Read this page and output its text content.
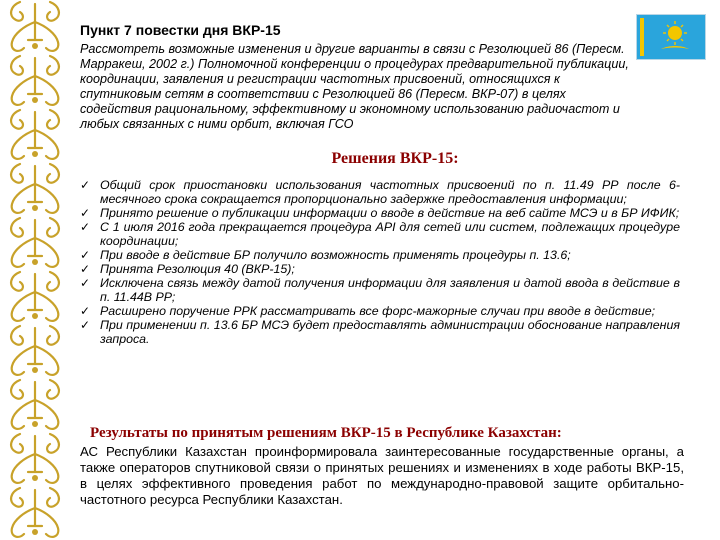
Пункт 7 повестки дня ВКР-15

Рассмотреть возможные изменения и другие варианты в связи с Резолюцией 86 (Пересм. Марракеш, 2002 г.) Полномочной конференции о процедурах предварительной публикации, координации, заявления и регистрации частотных присвоений, относящихся к спутниковым сетям в соответствии с Резолюцией 86 (Пересм. ВКР-07) в целях содействия рациональному, эффективному и экономному использованию радиочастот и любых связанных с ними орбит, включая ГСО

Решения ВКР-15:
✓ Общий срок приостановки использования частотных присвоений по п. 11.49 РР после 6-месячного срока сокращается пропорционально задержке предоставления информации;
✓ Принято решение о публикации информации о вводе в действие на веб сайте МСЭ и в БР ИФИК;
✓ С 1 июля 2016 года прекращается процедура API для сетей или систем, подлежащих процедуре координации;
✓ При вводе в действие БР получило возможность применять процедуры п. 13.6;
✓ Принята Резолюция 40 (ВКР-15);
✓ Исключена связь между датой получения информации для заявления и датой ввода в действие в п. 11.44В РР;
✓ Расширено поручение РРК рассматривать все форс-мажорные случаи при вводе в действие;
✓ При применении п. 13.6 БР МСЭ будет предоставлять администрации обоснование направления запроса.
Результаты по принятым решениям ВКР-15 в Республике Казахстан:

АС Республики Казахстан проинформировала заинтересованные государственные органы, а также операторов спутниковой связи о принятых решениях и изменениях в ходе работы ВКР-15, в целях эффективного проведения работ по международно-правовой защите орбитально-частотного ресурса Республики Казахстан.
